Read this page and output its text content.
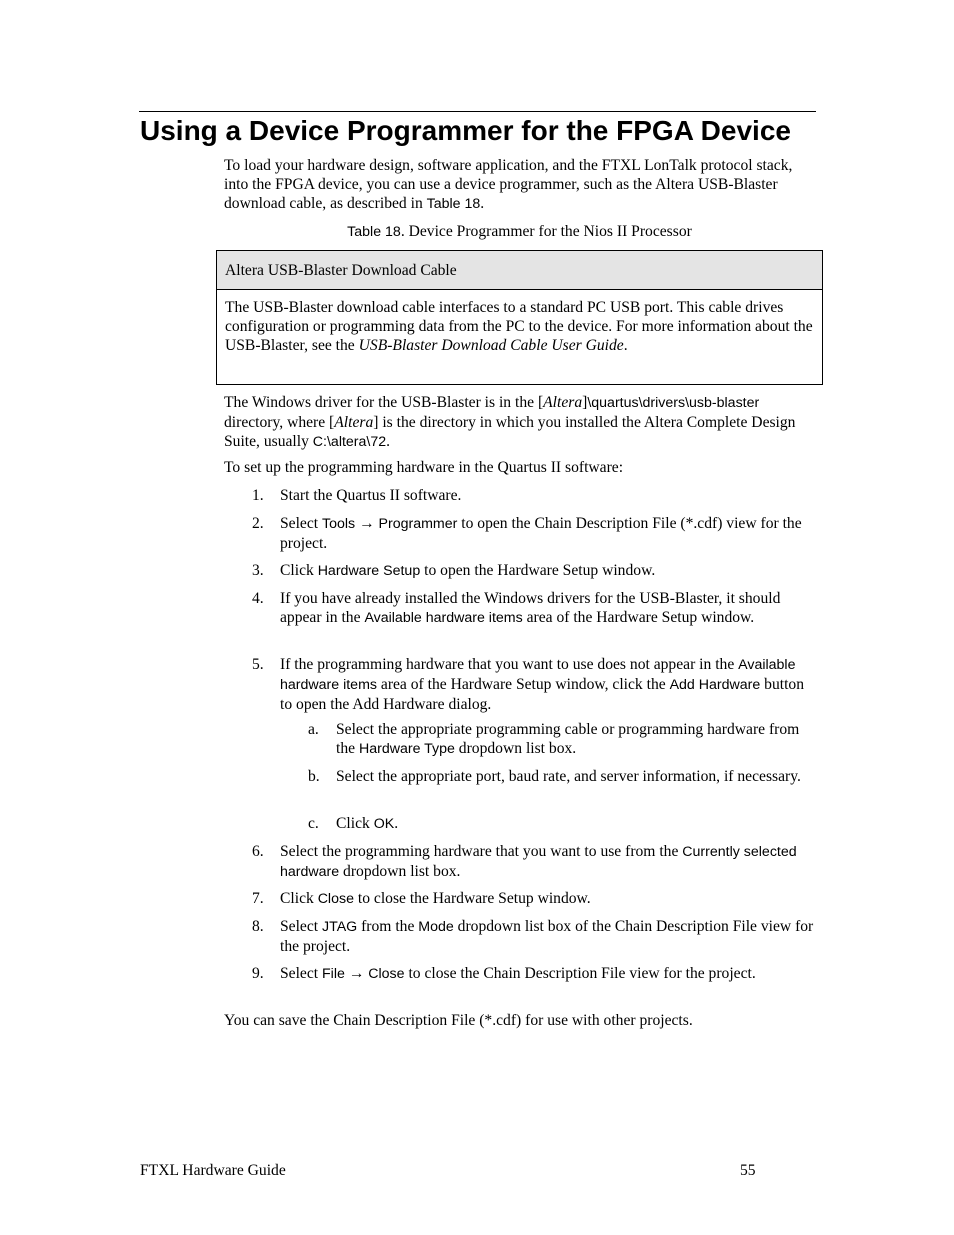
Using a Device Programmer for the FPGA Device

To load your hardware design, software application, and the FTXL LonTalk protocol stack, into the FPGA device, you can use a device programmer, such as the Altera USB-Blaster download cable, as described in Table 18.

Table 18. Device Programmer for the Nios II Processor

Altera USB-Blaster Download Cable
The USB-Blaster download cable interfaces to a standard PC USB port. This cable drives configuration or programming data from the PC to the device. For more information about the USB-Blaster, see the USB-Blaster Download Cable User Guide.

The Windows driver for the USB-Blaster is in the [Altera]\quartus\drivers\usb-blaster directory, where [Altera] is the directory in which you installed the Altera Complete Design Suite, usually C:\altera\72.

To set up the programming hardware in the Quartus II software:

1. Start the Quartus II software.
2. Select Tools → Programmer to open the Chain Description File (*.cdf) view for the project.
3. Click Hardware Setup to open the Hardware Setup window.
4. If you have already installed the Windows drivers for the USB-Blaster, it should appear in the Available hardware items area of the Hardware Setup window.
5. If the programming hardware that you want to use does not appear in the Available hardware items area of the Hardware Setup window, click the Add Hardware button to open the Add Hardware dialog.
a. Select the appropriate programming cable or programming hardware from the Hardware Type dropdown list box.
b. Select the appropriate port, baud rate, and server information, if necessary.
c. Click OK.
6. Select the programming hardware that you want to use from the Currently selected hardware dropdown list box.
7. Click Close to close the Hardware Setup window.
8. Select JTAG from the Mode dropdown list box of the Chain Description File view for the project.
9. Select File → Close to close the Chain Description File view for the project.

You can save the Chain Description File (*.cdf) for use with other projects.

FTXL Hardware Guide	55
